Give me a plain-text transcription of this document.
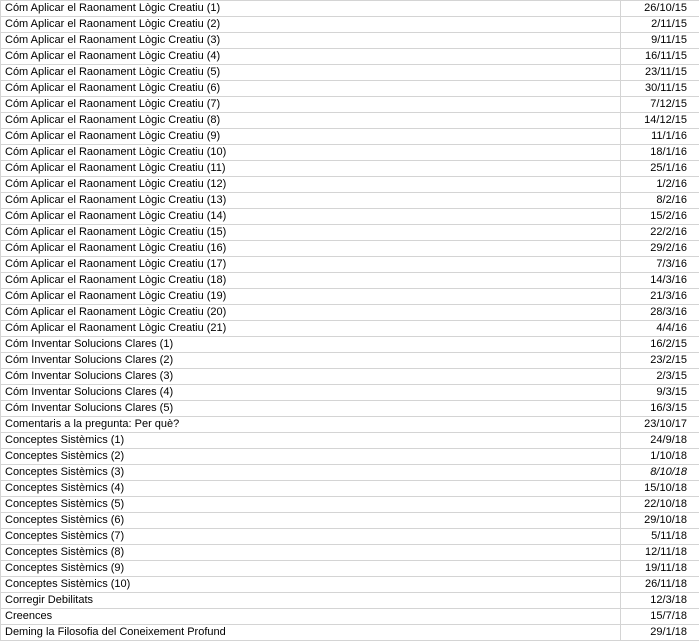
Cóm Aplicar el Raonament Lògic Creatiu (1)	26/10/15
Cóm Aplicar el Raonament Lògic Creatiu (2)	2/11/15
Cóm Aplicar el Raonament Lògic Creatiu (3)	9/11/15
Cóm Aplicar el Raonament Lògic Creatiu (4)	16/11/15
Cóm Aplicar el Raonament Lògic Creatiu (5)	23/11/15
Cóm Aplicar el Raonament Lògic Creatiu (6)	30/11/15
Cóm Aplicar el Raonament Lògic Creatiu (7)	7/12/15
Cóm Aplicar el Raonament Lògic Creatiu (8)	14/12/15
Cóm Aplicar el Raonament Lògic Creatiu (9)	11/1/16
Cóm Aplicar el Raonament Lògic Creatiu (10)	18/1/16
Cóm Aplicar el Raonament Lògic Creatiu (11)	25/1/16
Cóm Aplicar el Raonament Lògic Creatiu (12)	1/2/16
Cóm Aplicar el Raonament Lògic Creatiu (13)	8/2/16
Cóm Aplicar el Raonament Lògic Creatiu (14)	15/2/16
Cóm Aplicar el Raonament Lògic Creatiu (15)	22/2/16
Cóm Aplicar el Raonament Lògic Creatiu (16)	29/2/16
Cóm Aplicar el Raonament Lògic Creatiu (17)	7/3/16
Cóm Aplicar el Raonament Lògic Creatiu (18)	14/3/16
Cóm Aplicar el Raonament Lògic Creatiu (19)	21/3/16
Cóm Aplicar el Raonament Lògic Creatiu (20)	28/3/16
Cóm Aplicar el Raonament Lògic Creatiu (21)	4/4/16
Cóm Inventar Solucions Clares (1)	16/2/15
Cóm Inventar Solucions Clares (2)	23/2/15
Cóm Inventar Solucions Clares (3)	2/3/15
Cóm Inventar Solucions Clares (4)	9/3/15
Cóm Inventar Solucions Clares (5)	16/3/15
Comentaris a la pregunta: Per què?	23/10/17
Conceptes Sistèmics (1)	24/9/18
Conceptes Sistèmics (2)	1/10/18
Conceptes Sistèmics (3)	8/10/18
Conceptes Sistèmics (4)	15/10/18
Conceptes Sistèmics (5)	22/10/18
Conceptes Sistèmics (6)	29/10/18
Conceptes Sistèmics (7)	5/11/18
Conceptes Sistèmics (8)	12/11/18
Conceptes Sistèmics (9)	19/11/18
Conceptes Sistèmics (10)	26/11/18
Corregir Debilitats	12/3/18
Creences	15/7/18
Deming la Filosofia del Coneixement Profund	29/1/18
